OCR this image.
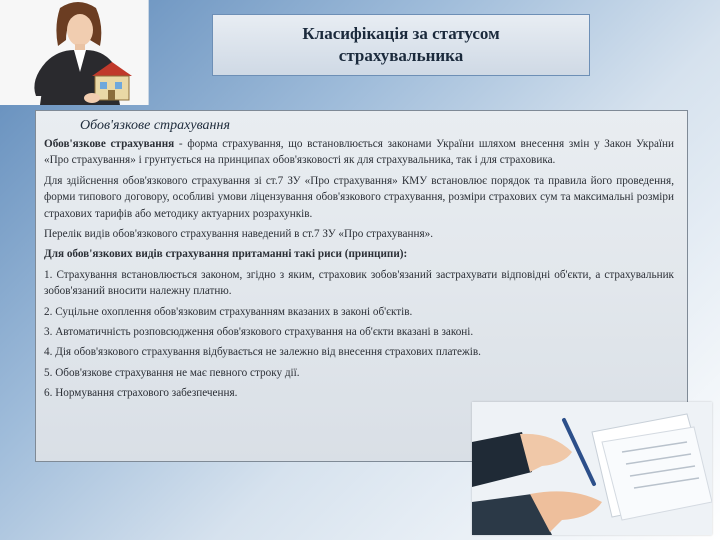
Класифікація за статусом страхувальника
Обов'язкове страхування

Обов'язкове страхування - форма страхування, що встановлюється законами України шляхом внесення змін у Закон України «Про страхування» і грунтується на принципах обов'язковості як для страхувальника, так і для страховика.

Для здійснення обов'язкового страхування зі ст.7 ЗУ «Про страхування» КМУ встановлює порядок та правила його проведення, форми типового договору, особливі умови ліцензування обов'язкового страхування, розміри страхових сум та максимальні розміри страхових тарифів або методику актуарних розрахунків.

Перелік видів обов'язкового страхування наведений в ст.7 ЗУ «Про страхування».

Для обов'язкових видів страхування притаманні такі риси (принципи):

1. Страхування встановлюється законом, згідно з яким, страховик зобов'язаний застрахувати відповідні об'єкти, а страхувальник зобов'язаний вносити належну платню.

2. Суцільне охоплення обов'язковим страхуванням вказаних в законі об'єктів.

3. Автоматичність розповсюдження обов'язкового страхування на об'єкти вказані в законі.

4. Дія обов'язкового страхування відбувається не залежно від внесення страхових платежів.

5. Обов'язкове страхування не має певного строку дії.

6. Нормування страхового забезпечення.
